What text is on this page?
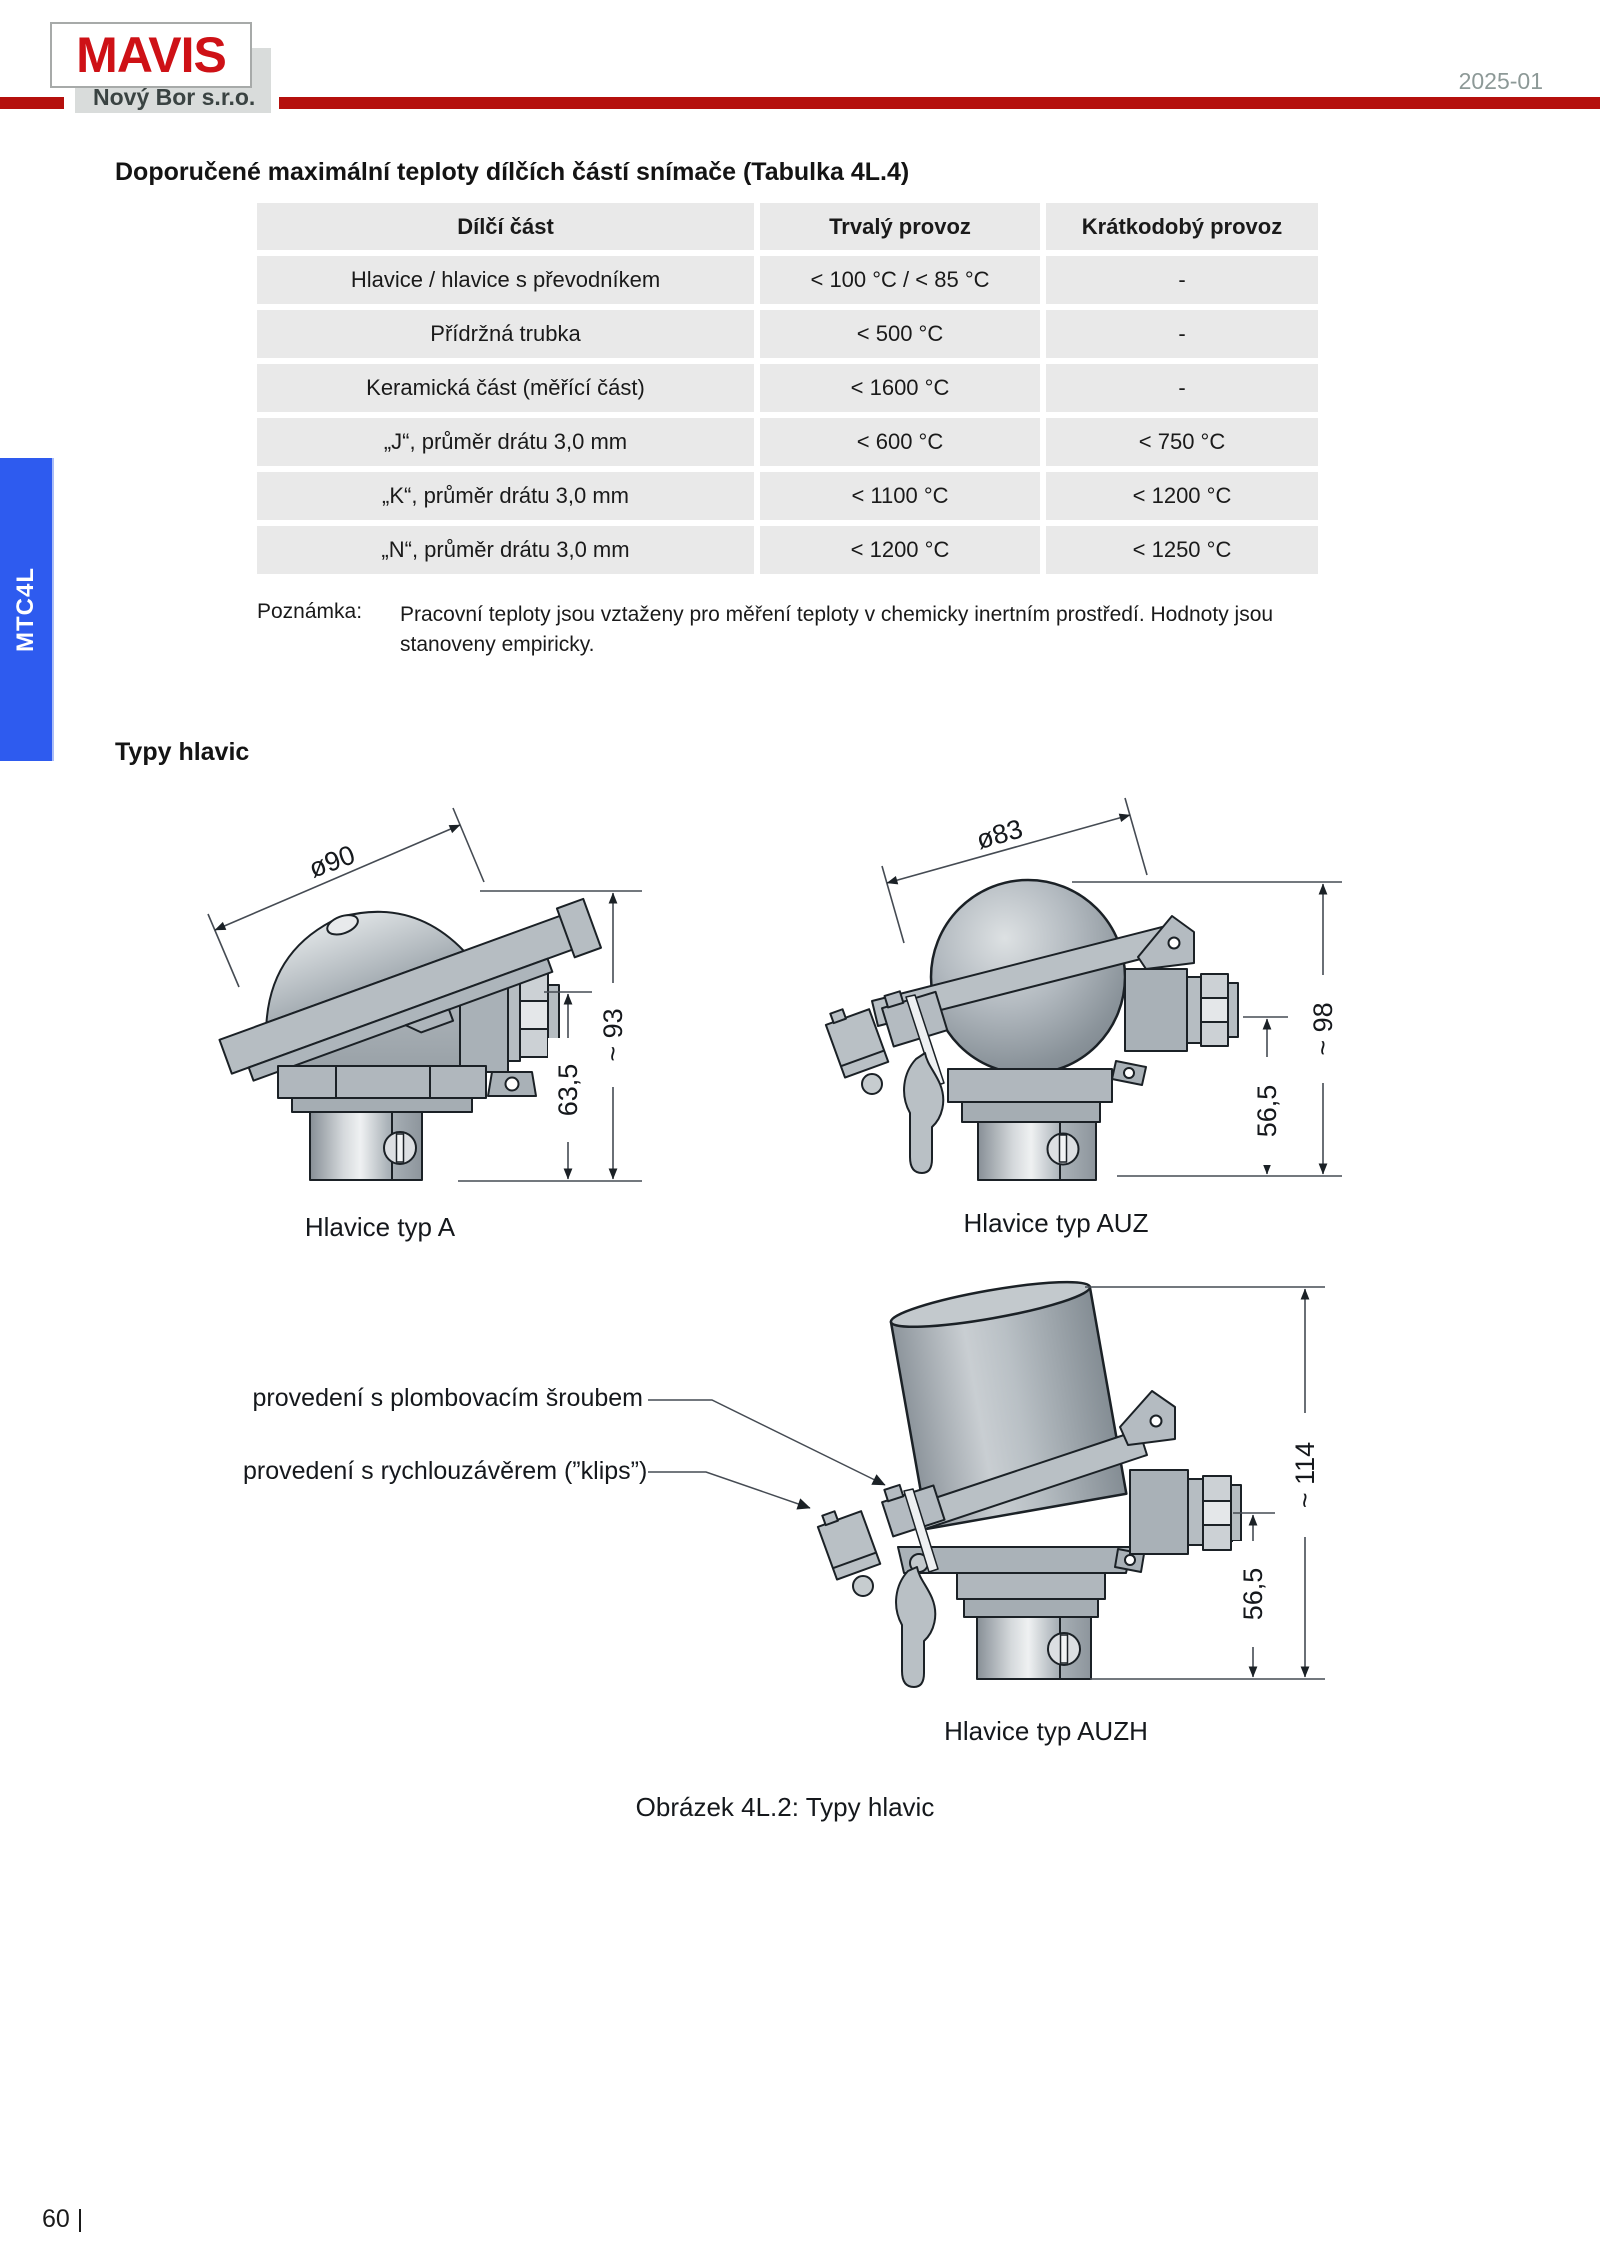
MAVIS
Nový Bor s.r.o.
2025-01
MTC4L
Doporučené maximální teploty dílčích částí snímače (Tabulka 4L.4)
Dílčí část	Trvalý provoz	Krátkodobý provoz
Hlavice / hlavice s převodníkem	< 100 °C / < 85 °C	-
Přídržná trubka	< 500 °C	-
Keramická část (měřící část)	< 1600 °C	-
„J“, průměr drátu 3,0 mm	< 600 °C	< 750 °C
„K“, průměr drátu 3,0 mm	< 1100 °C	< 1200 °C
„N“, průměr drátu 3,0 mm	< 1200 °C	< 1250 °C
Poznámka: Pracovní teploty jsou vztaženy pro měření teploty v chemicky inertním prostředí. Hodnoty jsou stanoveny empiricky.
Typy hlavic
ø90
~ 93
63,5
ø83
~ 98
56,5
~ 114
56,5
provedení s plombovacím šroubem
provedení s rychlouzávěrem (”klips”)
Hlavice typ A	Hlavice typ AUZ
Hlavice typ AUZH
Obrázek 4L.2: Typy hlavic
60 |
